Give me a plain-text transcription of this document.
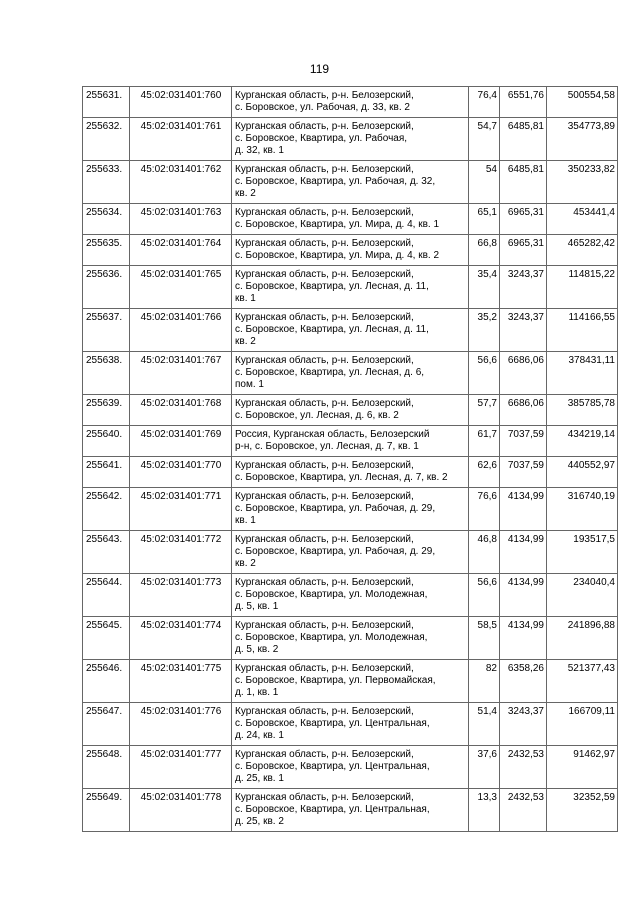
119
255631.	45:02:031401:760	Курганская область, р-н. Белозерский,
с. Боровское, ул. Рабочая, д. 33, кв. 2	76,4	6551,76	500554,58
255632.	45:02:031401:761	Курганская область, р-н. Белозерский,
с. Боровское, Квартира, ул. Рабочая,
д. 32, кв. 1	54,7	6485,81	354773,89
255633.	45:02:031401:762	Курганская область, р-н. Белозерский,
с. Боровское, Квартира, ул. Рабочая, д. 32,
кв. 2	54	6485,81	350233,82
255634.	45:02:031401:763	Курганская область, р-н. Белозерский,
с. Боровское, Квартира, ул. Мира, д. 4, кв. 1	65,1	6965,31	453441,4
255635.	45:02:031401:764	Курганская область, р-н. Белозерский,
с. Боровское, Квартира, ул. Мира, д. 4, кв. 2	66,8	6965,31	465282,42
255636.	45:02:031401:765	Курганская область, р-н. Белозерский,
с. Боровское, Квартира, ул. Лесная, д. 11,
кв. 1	35,4	3243,37	114815,22
255637.	45:02:031401:766	Курганская область, р-н. Белозерский,
с. Боровское, Квартира, ул. Лесная, д. 11,
кв. 2	35,2	3243,37	114166,55
255638.	45:02:031401:767	Курганская область, р-н. Белозерский,
с. Боровское, Квартира, ул. Лесная, д. 6,
пом. 1	56,6	6686,06	378431,11
255639.	45:02:031401:768	Курганская область, р-н. Белозерский,
с. Боровское, ул. Лесная, д. 6, кв. 2	57,7	6686,06	385785,78
255640.	45:02:031401:769	Россия, Курганская область, Белозерский
р-н, с. Боровское, ул. Лесная, д. 7, кв. 1	61,7	7037,59	434219,14
255641.	45:02:031401:770	Курганская область, р-н. Белозерский,
с. Боровское, Квартира, ул. Лесная, д. 7, кв. 2	62,6	7037,59	440552,97
255642.	45:02:031401:771	Курганская область, р-н. Белозерский,
с. Боровское, Квартира, ул. Рабочая, д. 29,
кв. 1	76,6	4134,99	316740,19
255643.	45:02:031401:772	Курганская область, р-н. Белозерский,
с. Боровское, Квартира, ул. Рабочая, д. 29,
кв. 2	46,8	4134,99	193517,5
255644.	45:02:031401:773	Курганская область, р-н. Белозерский,
с. Боровское, Квартира, ул. Молодежная,
д. 5, кв. 1	56,6	4134,99	234040,4
255645.	45:02:031401:774	Курганская область, р-н. Белозерский,
с. Боровское, Квартира, ул. Молодежная,
д. 5, кв. 2	58,5	4134,99	241896,88
255646.	45:02:031401:775	Курганская область, р-н. Белозерский,
с. Боровское, Квартира, ул. Первомайская,
д. 1, кв. 1	82	6358,26	521377,43
255647.	45:02:031401:776	Курганская область, р-н. Белозерский,
с. Боровское, Квартира, ул. Центральная,
д. 24, кв. 1	51,4	3243,37	166709,11
255648.	45:02:031401:777	Курганская область, р-н. Белозерский,
с. Боровское, Квартира, ул. Центральная,
д. 25, кв. 1	37,6	2432,53	91462,97
255649.	45:02:031401:778	Курганская область, р-н. Белозерский,
с. Боровское, Квартира, ул. Центральная,
д. 25, кв. 2	13,3	2432,53	32352,59
